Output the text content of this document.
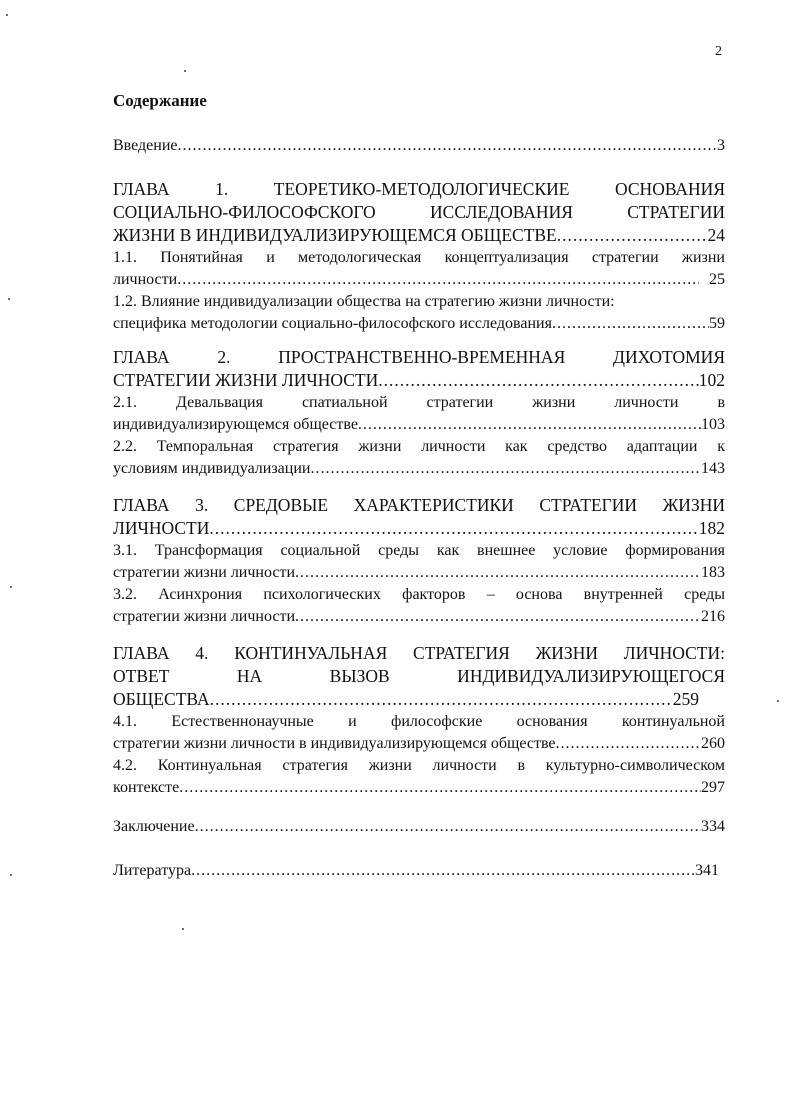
2
Содержание
Введение .....	3
ГЛАВА 1. ТЕОРЕТИКО-МЕТОДОЛОГИЧЕСКИЕ ОСНОВАНИЯ
СОЦИАЛЬНО-ФИЛОСОФСКОГО ИССЛЕДОВАНИЯ СТРАТЕГИИ
ЖИЗНИ В ИНДИВИДУАЛИЗИРУЮЩЕМСЯ ОБЩЕСТВЕ .....	24
1.1. Понятийная и методологическая концептуализация стратегии жизни
личности .....	25
1.2. Влияние индивидуализации общества на стратегию жизни личности:
специфика методологии социально-философского исследования .....	59
ГЛАВА 2. ПРОСТРАНСТВЕННО-ВРЕМЕННАЯ ДИХОТОМИЯ
СТРАТЕГИИ ЖИЗНИ ЛИЧНОСТИ .....	102
2.1. Девальвация спатиальной стратегии жизни личности в
индивидуализирующемся обществе .....	103
2.2. Темпоральная стратегия жизни личности как средство адаптации к
условиям индивидуализации .....	143
ГЛАВА 3. СРЕДОВЫЕ ХАРАКТЕРИСТИКИ СТРАТЕГИИ ЖИЗНИ
ЛИЧНОСТИ .....	182
3.1. Трансформация социальной среды как внешнее условие формирования
стратегии жизни личности .....	183
3.2. Асинхрония психологических факторов – основа внутренней среды
стратегии жизни личности .....	216
ГЛАВА 4. КОНТИНУАЛЬНАЯ СТРАТЕГИЯ ЖИЗНИ ЛИЧНОСТИ:
ОТВЕТ НА ВЫЗОВ ИНДИВИДУАЛИЗИРУЮЩЕГОСЯ
ОБЩЕСТВА .....	259
4.1. Естественнонаучные и философские основания континуальной
стратегии жизни личности в индивидуализирующемся обществе .....	260
4.2. Континуальная стратегия жизни личности в культурно-символическом
контексте .....	297
Заключение .....	334
Литература .....	341
